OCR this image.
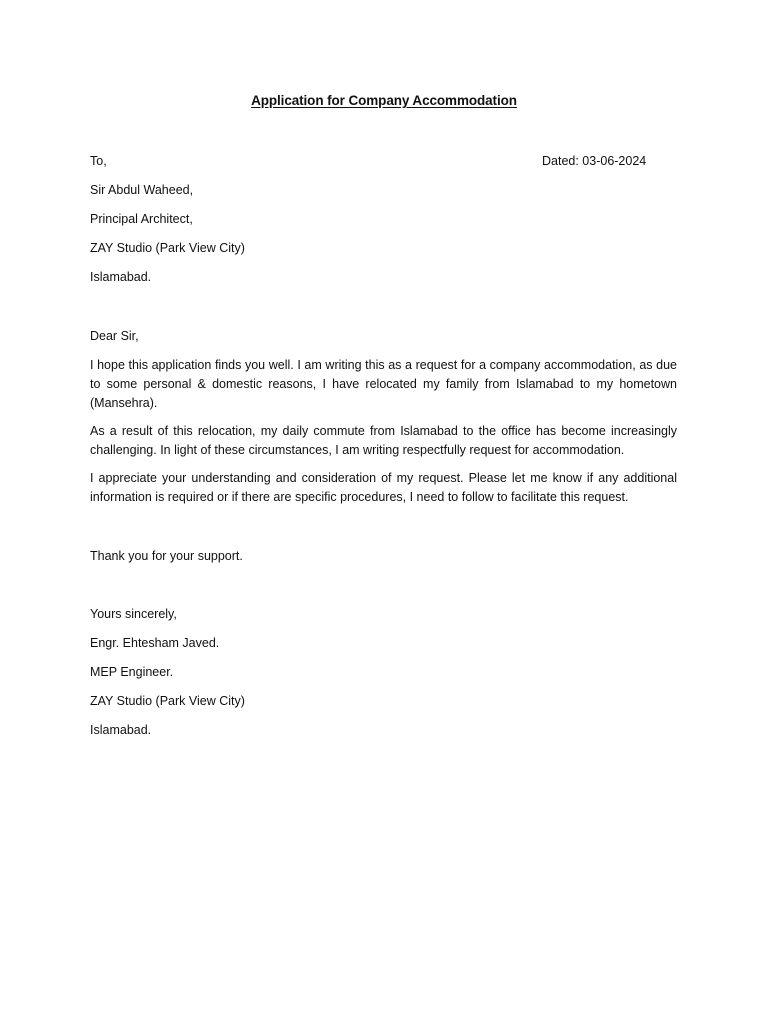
Application for Company Accommodation
To,	Dated: 03-06-2024
Sir Abdul Waheed,
Principal Architect,
ZAY Studio (Park View City)
Islamabad.
Dear Sir,
I hope this application finds you well. I am writing this as a request for a company accommodation, as due to some personal & domestic reasons, I have relocated my family from Islamabad to my hometown (Mansehra).
As a result of this relocation, my daily commute from Islamabad to the office has become increasingly challenging. In light of these circumstances, I am writing respectfully request for accommodation.
I appreciate your understanding and consideration of my request. Please let me know if any additional information is required or if there are specific procedures, I need to follow to facilitate this request.
Thank you for your support.
Yours sincerely,
Engr. Ehtesham Javed.
MEP Engineer.
ZAY Studio (Park View City)
Islamabad.
